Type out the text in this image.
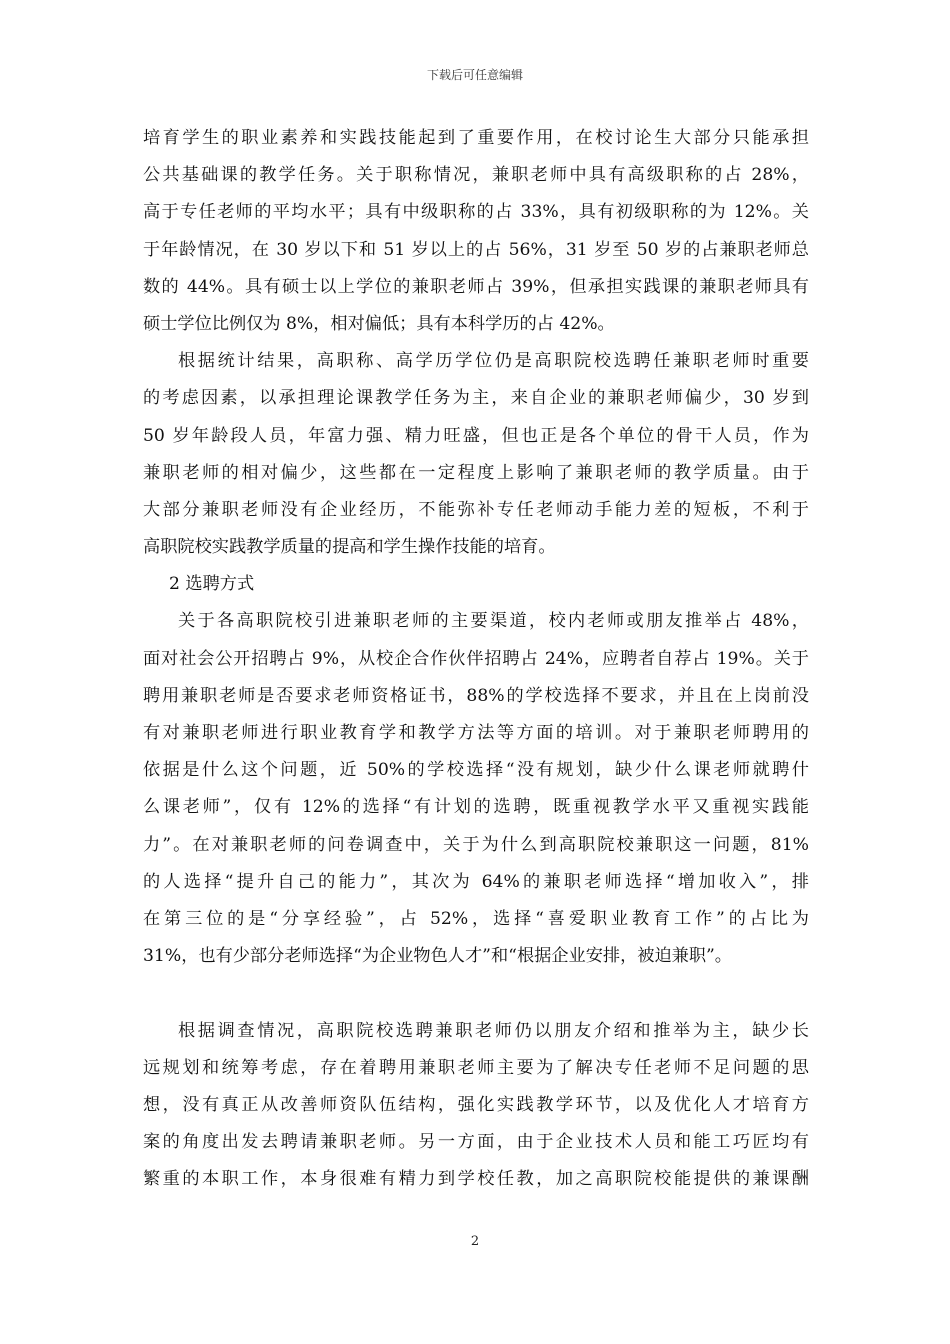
下载后可任意编辑
培育学生的职业素养和实践技能起到了重要作用，在校讨论生大部分只能承担
公共基础课的教学任务。关于职称情况，兼职老师中具有高级职称的占 28%，
高于专任老师的平均水平；具有中级职称的占 33%，具有初级职称的为 12%。关
于年龄情况，在 30 岁以下和 51 岁以上的占 56%，31 岁至 50 岁的占兼职老师总
数的 44%。具有硕士以上学位的兼职老师占 39%，但承担实践课的兼职老师具有
硕士学位比例仅为 8%，相对偏低；具有本科学历的占 42%。
根据统计结果，高职称、高学历学位仍是高职院校选聘任兼职老师时重要
的考虑因素，以承担理论课教学任务为主，来自企业的兼职老师偏少，30 岁到
50 岁年龄段人员，年富力强、精力旺盛，但也正是各个单位的骨干人员，作为
兼职老师的相对偏少，这些都在一定程度上影响了兼职老师的教学质量。由于
大部分兼职老师没有企业经历，不能弥补专任老师动手能力差的短板，不利于
高职院校实践教学质量的提高和学生操作技能的培育。
2 选聘方式
关于各高职院校引进兼职老师的主要渠道，校内老师或朋友推举占 48%，
面对社会公开招聘占 9%，从校企合作伙伴招聘占 24%，应聘者自荐占 19%。关于
聘用兼职老师是否要求老师资格证书，88%的学校选择不要求，并且在上岗前没
有对兼职老师进行职业教育学和教学方法等方面的培训。对于兼职老师聘用的
依据是什么这个问题，近 50%的学校选择“没有规划，缺少什么课老师就聘什
么课老师”，仅有 12%的选择“有计划的选聘，既重视教学水平又重视实践能
力”。在对兼职老师的问卷调查中，关于为什么到高职院校兼职这一问题，81%
的人选择“提升自己的能力”，其次为 64%的兼职老师选择“增加收入”，排
在第三位的是“分享经验”，占 52%，选择“喜爱职业教育工作”的占比为
31%，也有少部分老师选择“为企业物色人才”和“根据企业安排，被迫兼职”。
根据调查情况，高职院校选聘兼职老师仍以朋友介绍和推举为主，缺少长
远规划和统筹考虑，存在着聘用兼职老师主要为了解决专任老师不足问题的思
想，没有真正从改善师资队伍结构，强化实践教学环节，以及优化人才培育方
案的角度出发去聘请兼职老师。另一方面，由于企业技术人员和能工巧匠均有
繁重的本职工作，本身很难有精力到学校任教，加之高职院校能提供的兼课酬
2
